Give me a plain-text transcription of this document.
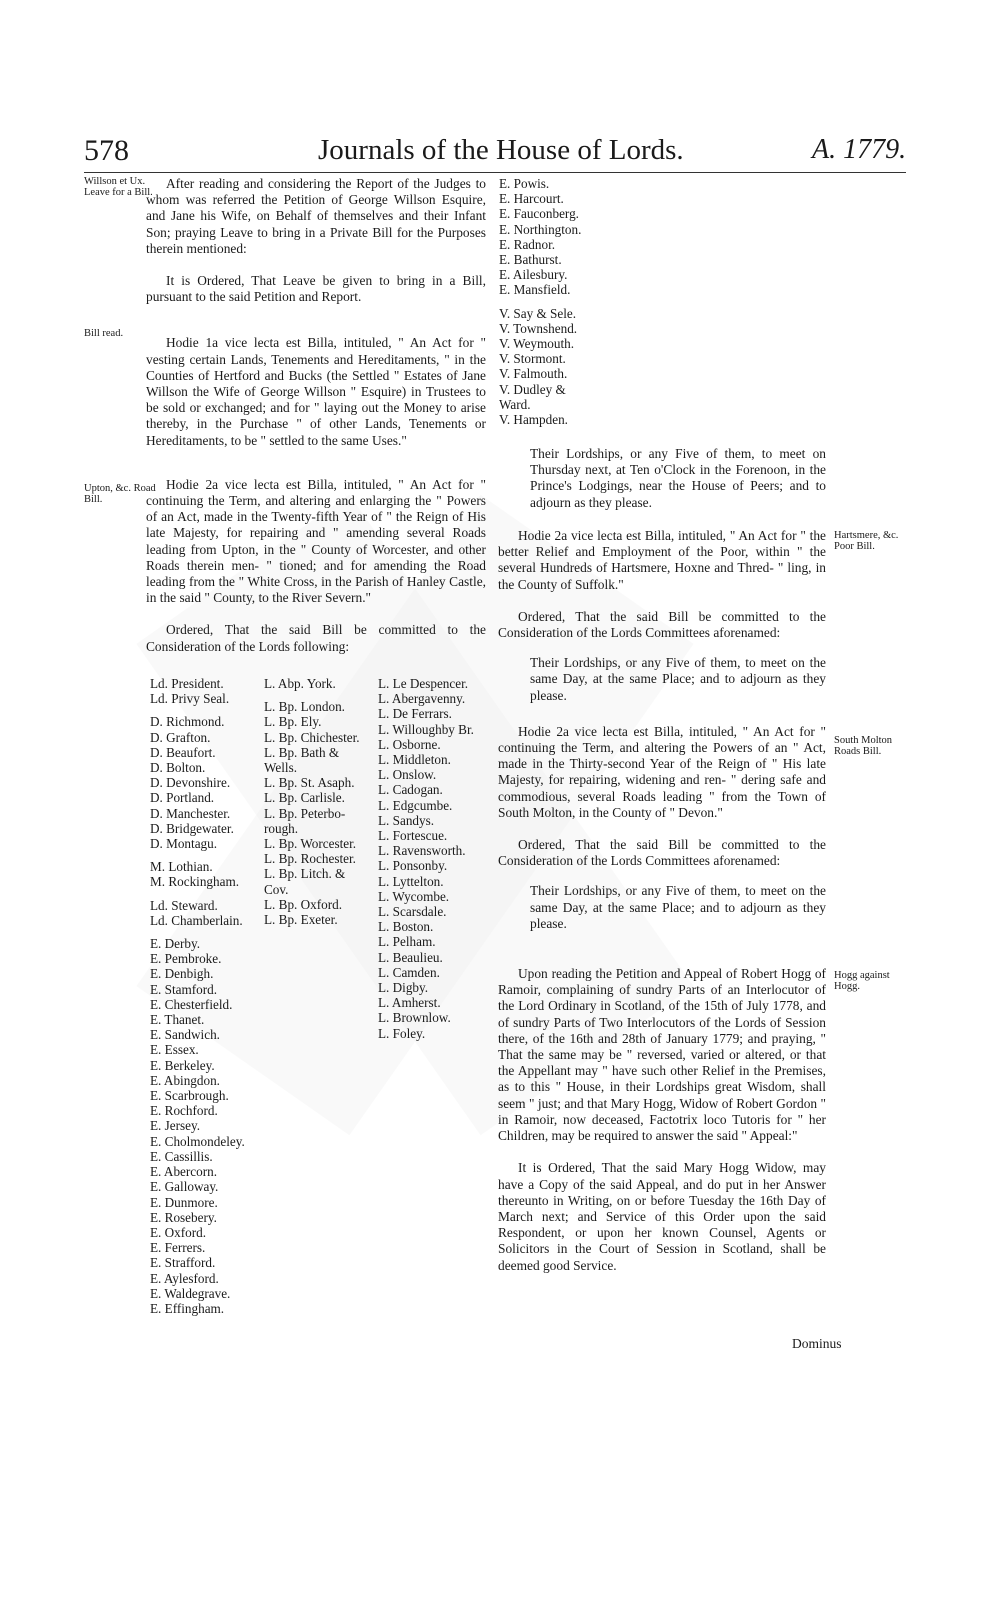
578	Journals of the House of Lords.	A. 1779.
Willson et Ux. Leave for a Bill.
Bill read.
Upton, &c. Road Bill.

After reading and considering the Report of the Judges to whom was referred the Petition of George Willson Esquire, and Jane his Wife, on Behalf of themselves and their Infant Son; praying Leave to bring in a Private Bill for the Purposes therein mentioned:

It is Ordered, That Leave be given to bring in a Bill, pursuant to the said Petition and Report.

Hodie 1a vice lecta est Billa, intituled, " An Act for " vesting certain Lands, Tenements and Hereditaments, " in the Counties of Hertford and Bucks (the Settled " Estates of Jane Willson the Wife of George Willson " Esquire) in Trustees to be sold or exchanged; and for " laying out the Money to arise thereby, in the Purchase " of other Lands, Tenements or Hereditaments, to be " settled to the same Uses."

Hodie 2a vice lecta est Billa, intituled, " An Act for " continuing the Term, and altering and enlarging the " Powers of an Act, made in the Twenty-fifth Year of " the Reign of His late Majesty, for repairing and " amending several Roads leading from Upton, in the " County of Worcester, and other Roads therein men- " tioned; and for amending the Road leading from the " White Cross, in the Parish of Hanley Castle, in the said " County, to the River Severn."

Ordered, That the said Bill be committed to the Consideration of the Lords following:

Ld. President.
Ld. Privy Seal.
D. Richmond.
D. Grafton.
D. Beaufort.
D. Bolton.
D. Devonshire.
D. Portland.
D. Manchester.
D. Bridgewater.
D. Montagu.
M. Lothian.
M. Rockingham.
Ld. Steward.
Ld. Chamberlain.
E. Derby.
E. Pembroke.
E. Denbigh.
E. Stamford.
E. Chesterfield.
E. Thanet.
E. Sandwich.
E. Essex.
E. Berkeley.
E. Abingdon.
E. Scarbrough.
E. Rochford.
E. Jersey.
E. Cholmondeley.
E. Cassillis.
E. Abercorn.
E. Galloway.
E. Dunmore.
E. Rosebery.
E. Oxford.
E. Ferrers.
E. Strafford.
E. Aylesford.
E. Waldegrave.
E. Effingham.
L. Abp. York.
L. Bp. London.
L. Bp. Ely.
L. Bp. Chichester.
L. Bp. Bath &
Wells.
L. Bp. St. Asaph.
L. Bp. Carlisle.
L. Bp. Peterbo-
rough.
L. Bp. Worcester.
L. Bp. Rochester.
L. Bp. Litch. &
Cov.
L. Bp. Oxford.
L. Bp. Exeter.
L. Le Despencer.
L. Abergavenny.
L. De Ferrars.
L. Willoughby Br.
L. Osborne.
L. Middleton.
L. Onslow.
L. Cadogan.
L. Edgcumbe.
L. Sandys.
L. Fortescue.
L. Ravensworth.
L. Ponsonby.
L. Lyttelton.
L. Wycombe.
L. Scarsdale.
L. Boston.
L. Pelham.
L. Beaulieu.
L. Camden.
L. Digby.
L. Amherst.
L. Brownlow.
L. Foley.
E. Powis.
E. Harcourt.
E. Fauconberg.
E. Northington.
E. Radnor.
E. Bathurst.
E. Ailesbury.
E. Mansfield.
V. Say & Sele.
V. Townshend.
V. Weymouth.
V. Stormont.
V. Falmouth.
V. Dudley &
Ward.
V. Hampden.
Hartsmere, &c. Poor Bill.
South Molton Roads Bill.
Hogg against Hogg.
Their Lordships, or any Five of them, to meet on Thursday next, at Ten o'Clock in the Forenoon, in the Prince's Lodgings, near the House of Peers; and to adjourn as they please.

Hodie 2a vice lecta est Billa, intituled, " An Act for " the better Relief and Employment of the Poor, within " the several Hundreds of Hartsmere, Hoxne and Thred- " ling, in the County of Suffolk."

Ordered, That the said Bill be committed to the Consideration of the Lords Committees aforenamed:

Their Lordships, or any Five of them, to meet on the same Day, at the same Place; and to adjourn as they please.

Hodie 2a vice lecta est Billa, intituled, " An Act for " continuing the Term, and altering the Powers of an " Act, made in the Thirty-second Year of the Reign of " His late Majesty, for repairing, widening and ren- " dering safe and commodious, several Roads leading " from the Town of South Molton, in the County of " Devon."

Ordered, That the said Bill be committed to the Consideration of the Lords Committees aforenamed:

Their Lordships, or any Five of them, to meet on the same Day, at the same Place; and to adjourn as they please.

Upon reading the Petition and Appeal of Robert Hogg of Ramoir, complaining of sundry Parts of an Interlocutor of the Lord Ordinary in Scotland, of the 15th of July 1778, and of sundry Parts of Two Interlocutors of the Lords of Session there, of the 16th and 28th of January 1779; and praying, " That the same may be " reversed, varied or altered, or that the Appellant may " have such other Relief in the Premises, as to this " House, in their Lordships great Wisdom, shall seem " just; and that Mary Hogg, Widow of Robert Gordon " in Ramoir, now deceased, Factotrix loco Tutoris for " her Children, may be required to answer the said " Appeal:"

It is Ordered, That the said Mary Hogg Widow, may have a Copy of the said Appeal, and do put in her Answer thereunto in Writing, on or before Tuesday the 16th Day of March next; and Service of this Order upon the said Respondent, or upon her known Counsel, Agents or Solicitors in the Court of Session in Scotland, shall be deemed good Service.

Dominus
